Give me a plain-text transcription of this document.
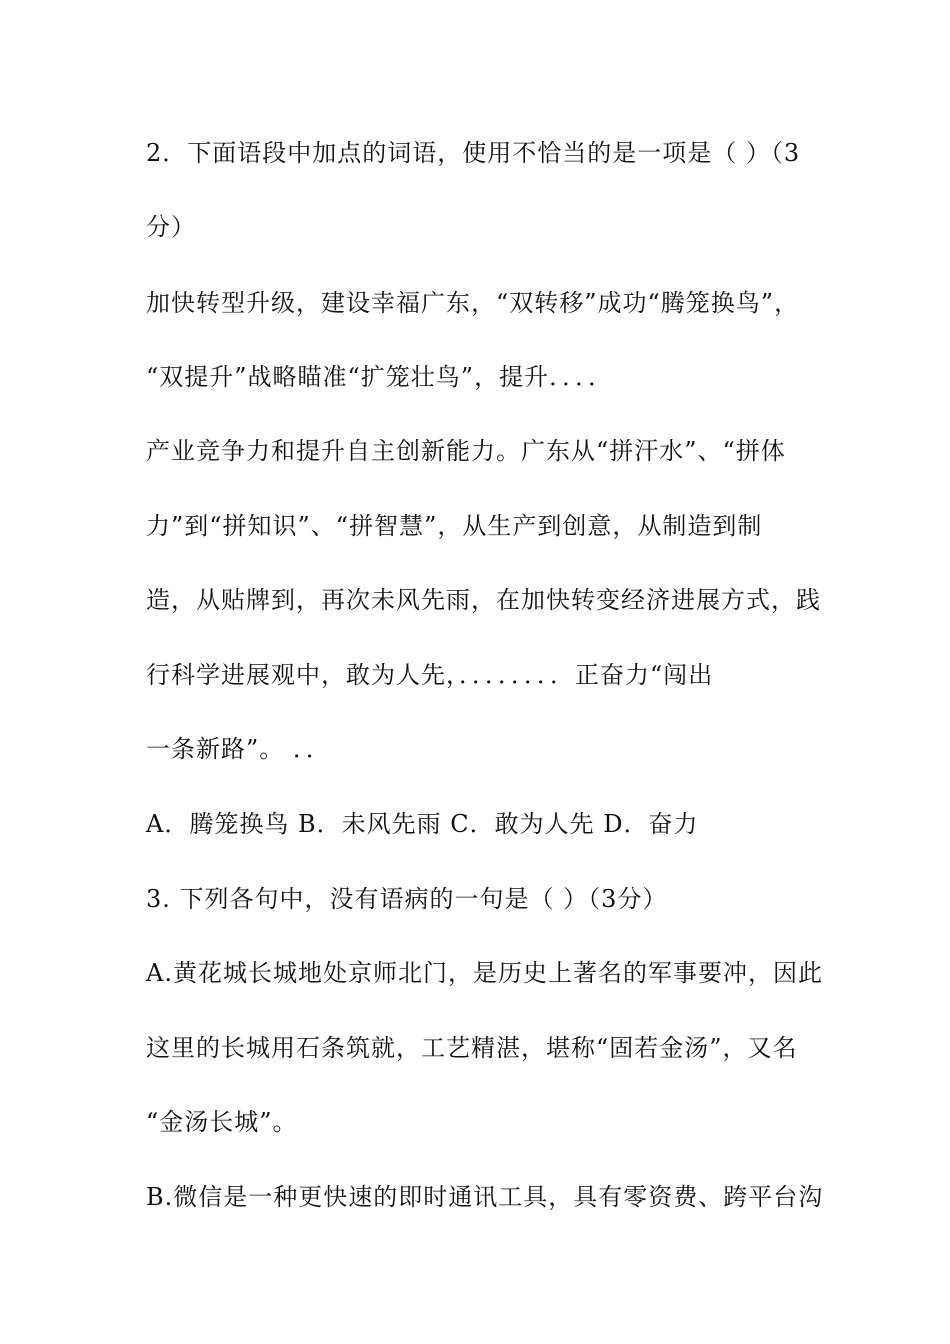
2．下面语段中加点的词语，使用不恰当的是一项是（ ）（3
分）
加快转型升级，建设幸福广东，“双转移”成功“腾笼换鸟”，
“双提升”战略瞄准“扩笼壮鸟”，提升．．．．
产业竞争力和提升自主创新能力。广东从“拼汗水”、“拼体
力”到“拼知识”、“拼智慧”，从生产到创意，从制造到制
造，从贴牌到，再次未风先雨，在加快转变经济进展方式，践
行科学进展观中，敢为人先，．．．．．．．．正奋力“闯出
一条新路”。 ．．
A．腾笼换鸟 B．未风先雨 C．敢为人先 D．奋力
3. 下列各句中，没有语病的一句是（ ）（3分）
A.黄花城长城地处京师北门，是历史上著名的军事要冲，因此
这里的长城用石条筑就，工艺精湛，堪称“固若金汤”，又名
“金汤长城”。
B.微信是一种更快速的即时通讯工具，具有零资费、跨平台沟
